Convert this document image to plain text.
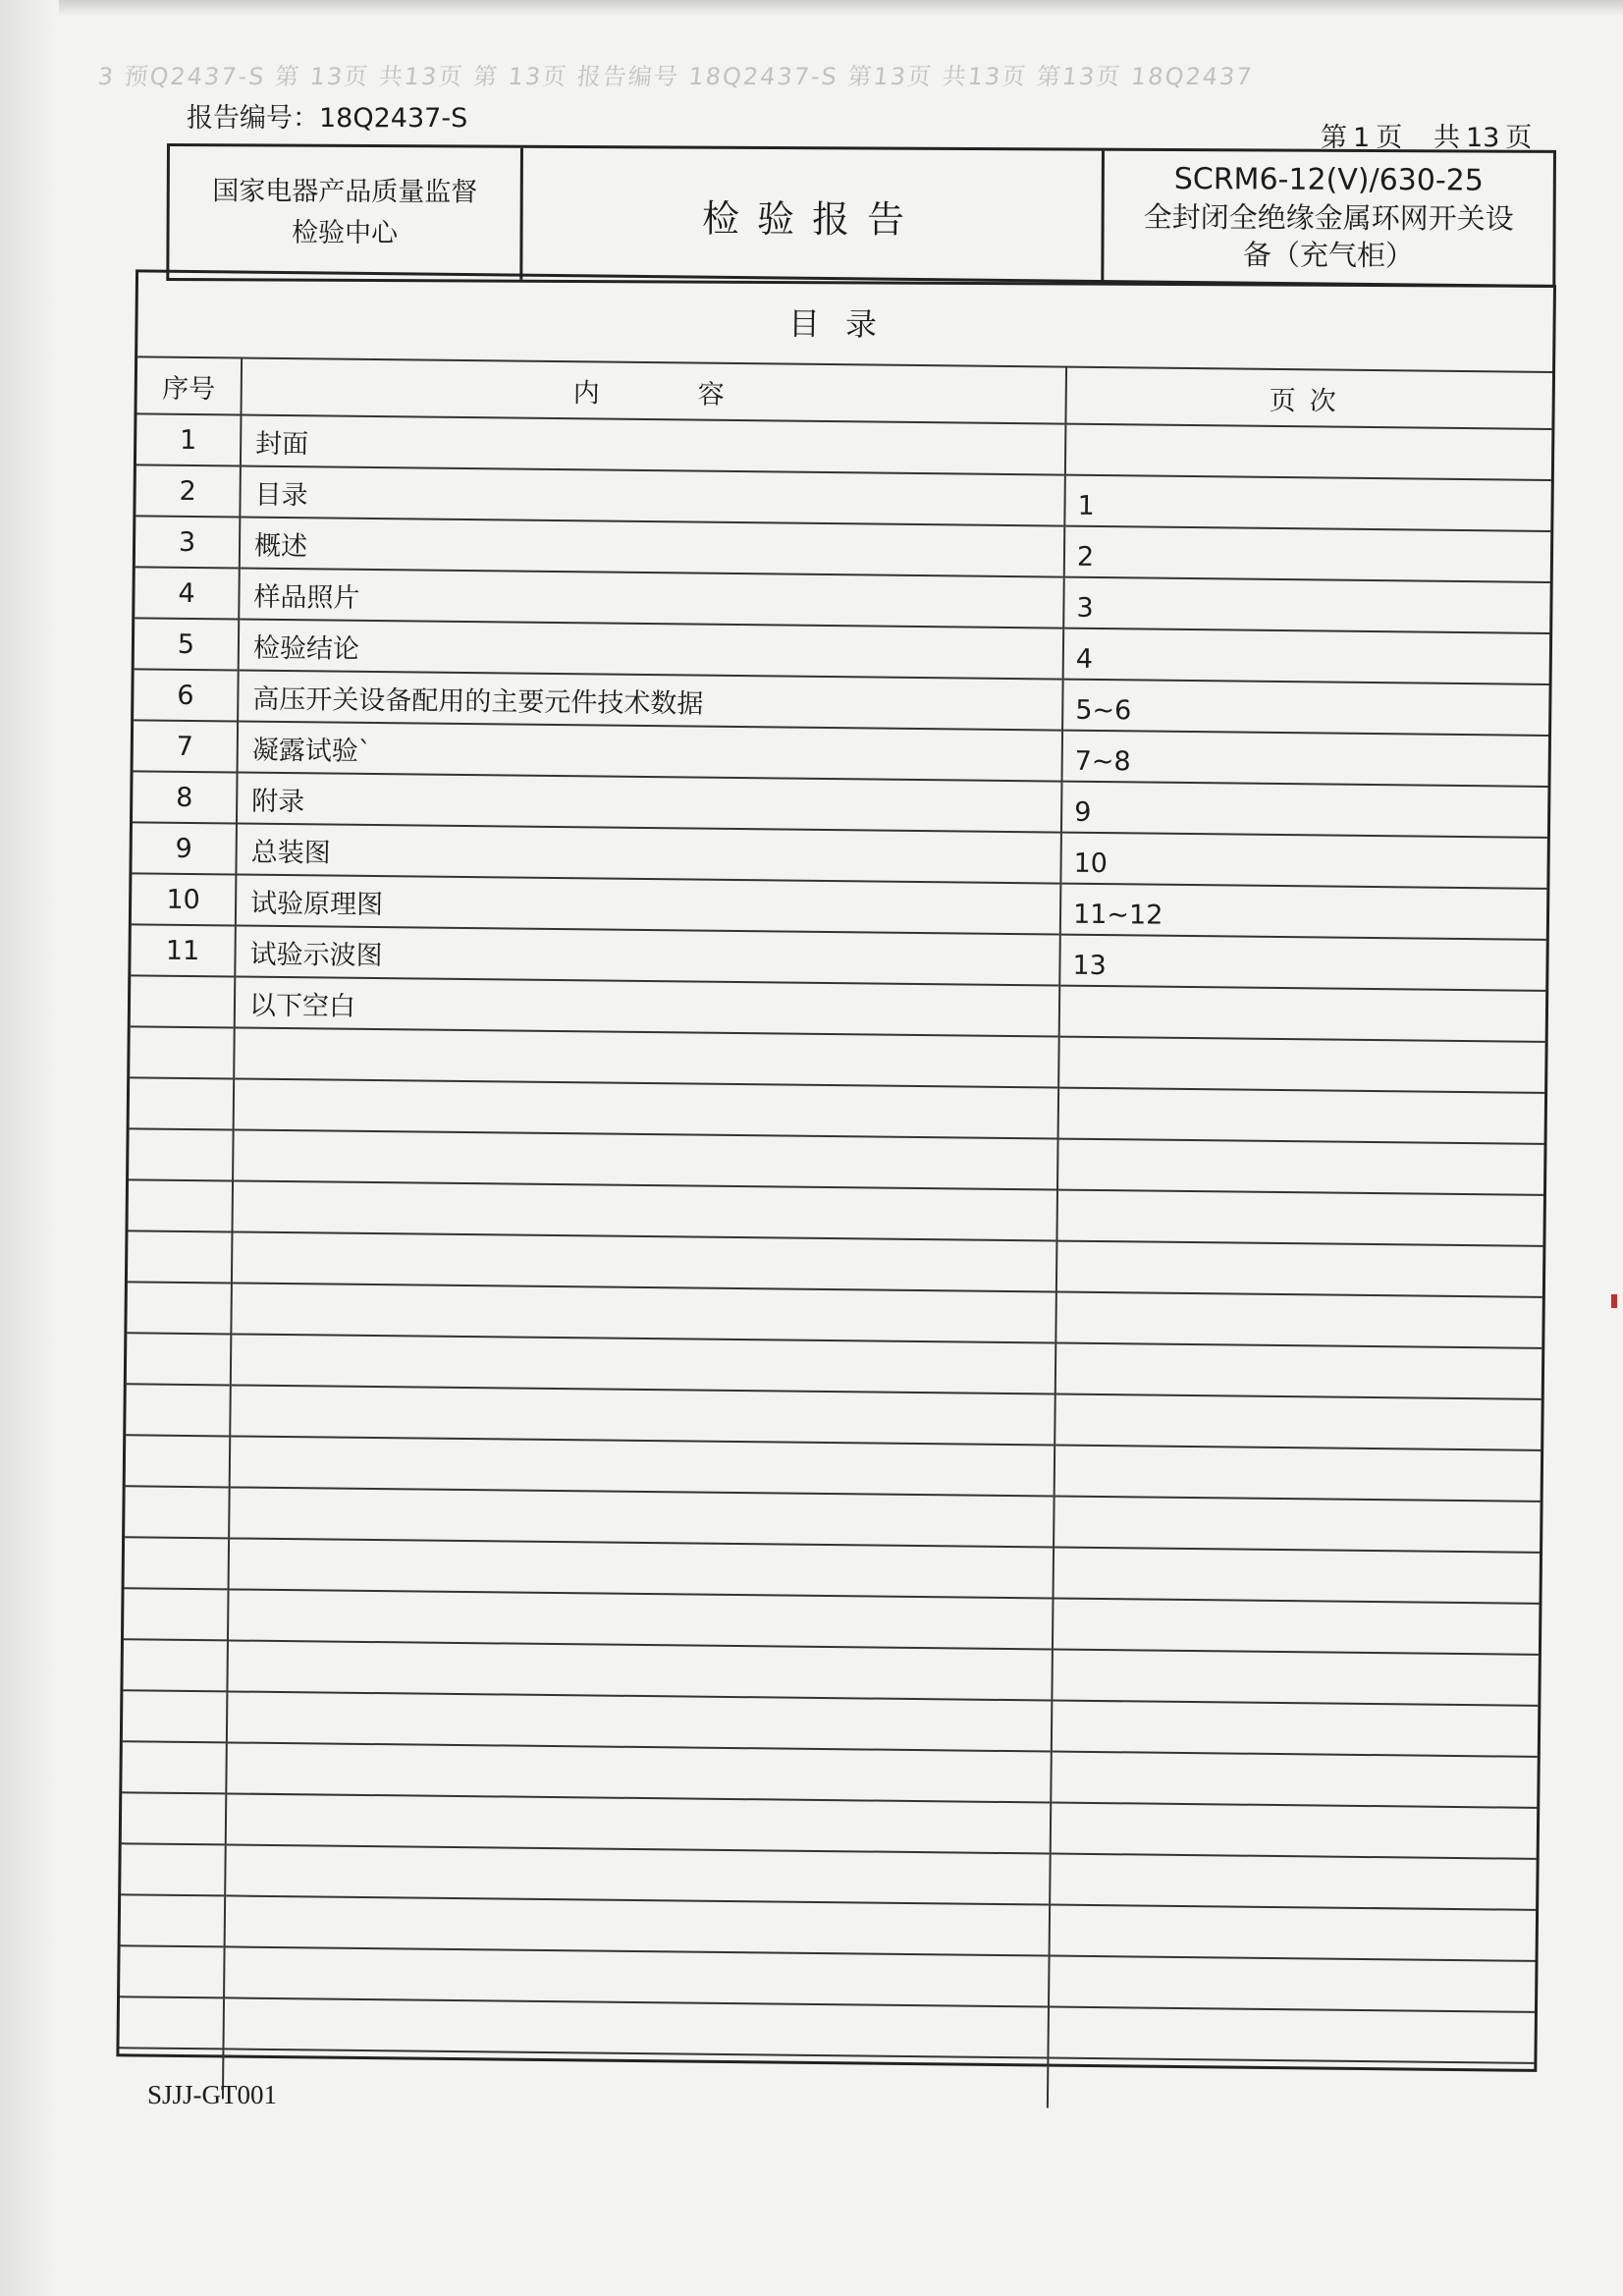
3 预Q2437-S 第 13页 共13页 第 13页 报告编号 18Q2437-S 第13页 共13页 第13页 18Q2437
报告编号：18Q2437-S
第 1 页 共 13 页
国家电器产品质量监督
检验中心	检验报告
SCRM6-12(V)/630-25
全封闭全绝缘金属环网开关设
备（充气柜）
目录
序号	内容	页次
1	封面	
2	目录	1
3	概述	2
4	样品照片	3
5	检验结论	4
6	高压开关设备配用的主要元件技术数据	5~6
7	凝露试验`	7~8
8	附录	9
9	总装图	10
10	试验原理图	11~12
11	试验示波图	13
	以下空白	

SJJJ-GT001
